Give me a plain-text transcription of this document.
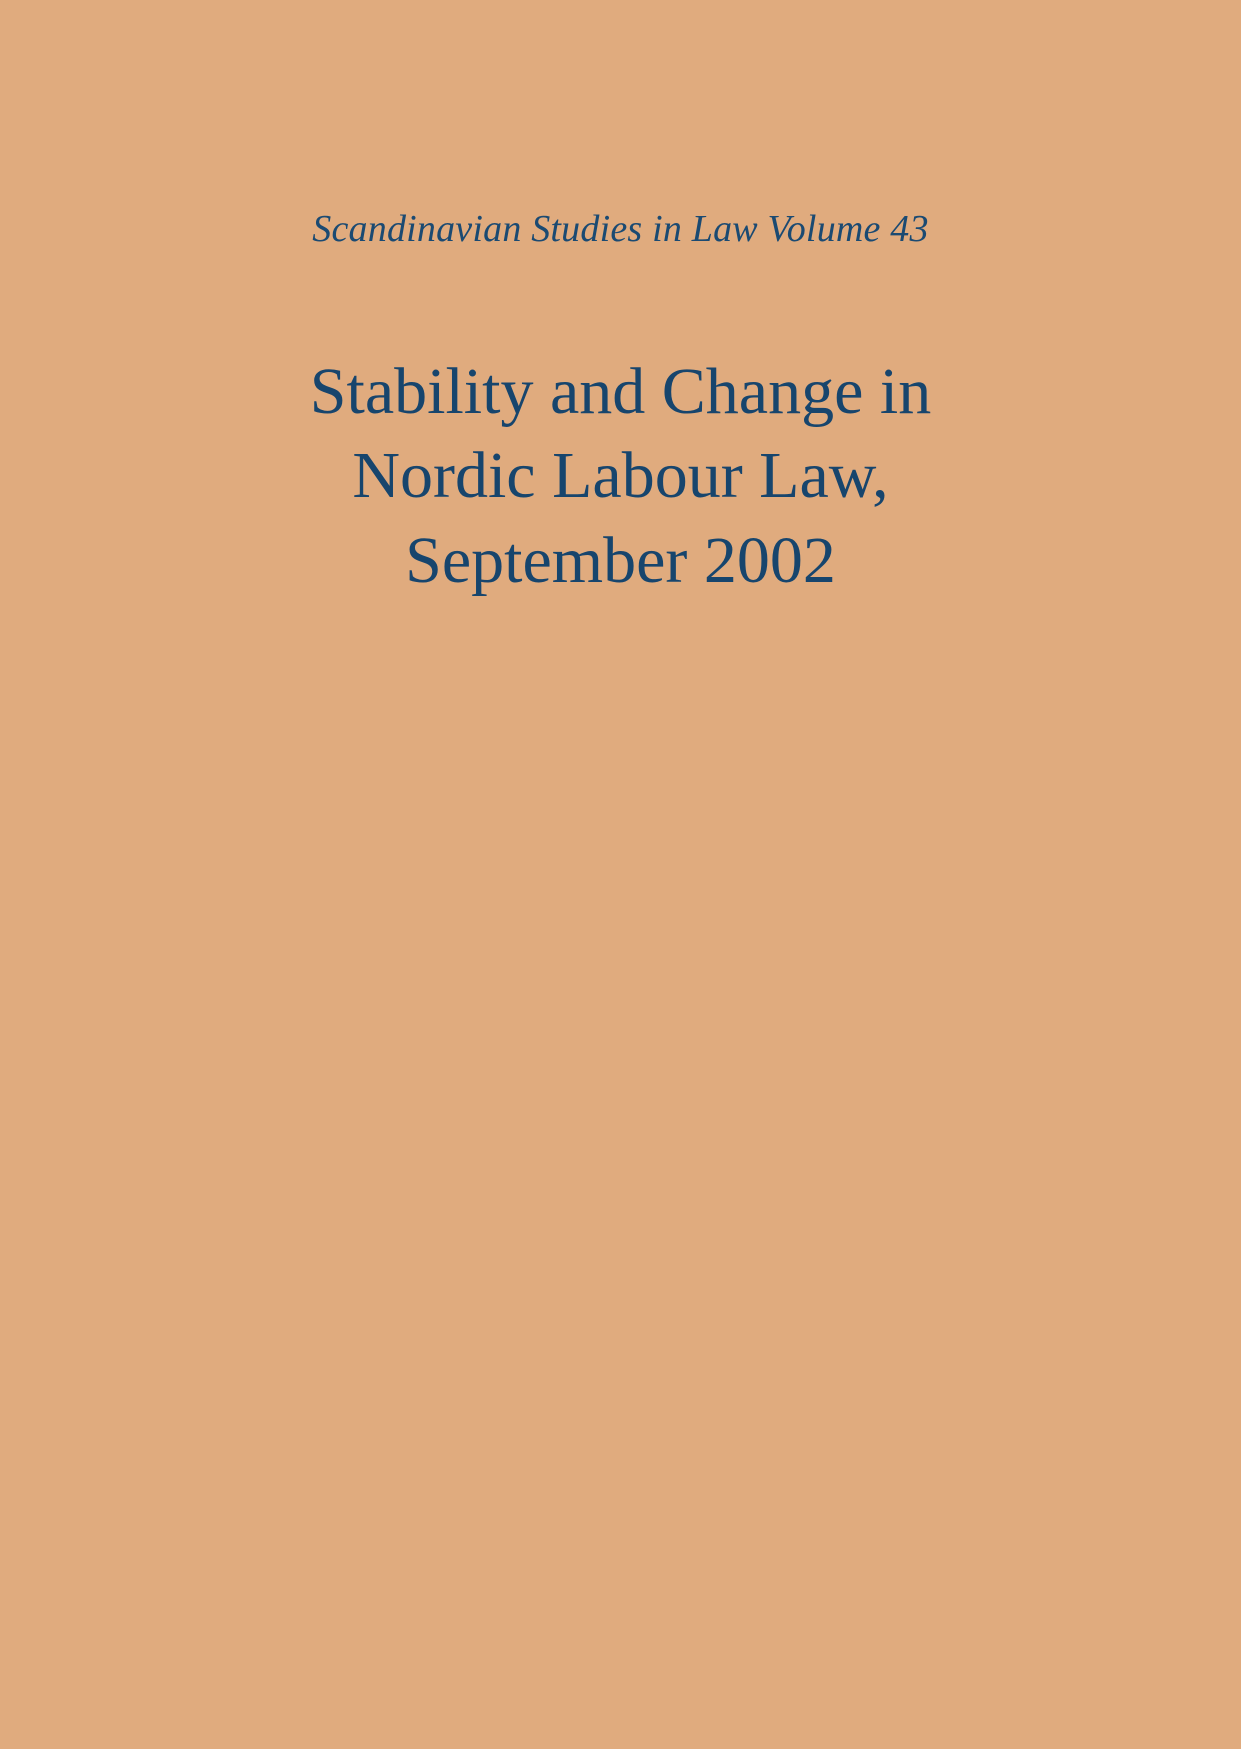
Scandinavian Studies in Law Volume 43
Stability and Change in
Nordic Labour Law,
September 2002
